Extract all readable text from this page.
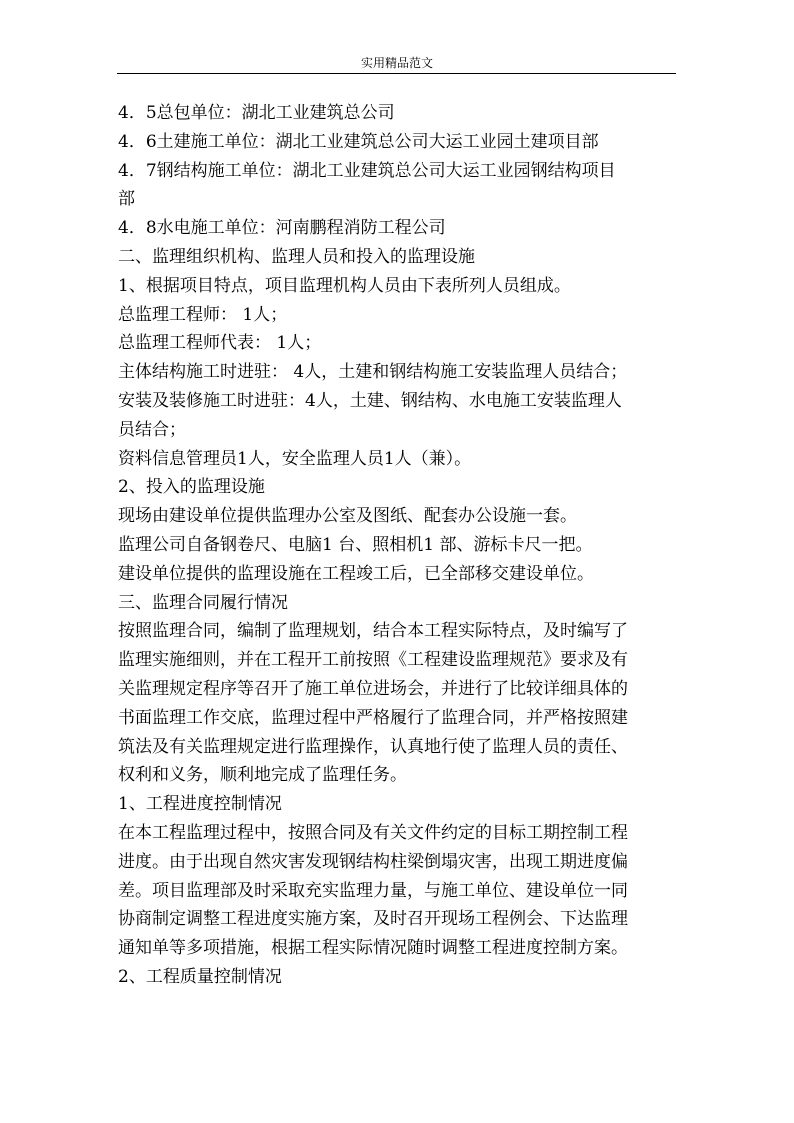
实用精品范文
4．5总包单位：湖北工业建筑总公司
4．6土建施工单位：湖北工业建筑总公司大运工业园土建项目部
4．7钢结构施工单位：湖北工业建筑总公司大运工业园钢结构项目
部
4．8水电施工单位：河南鹏程消防工程公司
二、监理组织机构、监理人员和投入的监理设施
1、根据项目特点，项目监理机构人员由下表所列人员组成。
总监理工程师： 1人；
总监理工程师代表： 1人；
主体结构施工时进驻： 4人，土建和钢结构施工安装监理人员结合；
安装及装修施工时进驻：4人，土建、钢结构、水电施工安装监理人
员结合；
资料信息管理员1人，安全监理人员1人（兼）。
2、投入的监理设施
现场由建设单位提供监理办公室及图纸、配套办公设施一套。
监理公司自备钢卷尺、电脑1 台、照相机1 部、游标卡尺一把。
建设单位提供的监理设施在工程竣工后，已全部移交建设单位。
三、监理合同履行情况
按照监理合同，编制了监理规划，结合本工程实际特点，及时编写了
监理实施细则，并在工程开工前按照《工程建设监理规范》要求及有
关监理规定程序等召开了施工单位进场会，并进行了比较详细具体的
书面监理工作交底，监理过程中严格履行了监理合同，并严格按照建
筑法及有关监理规定进行监理操作，认真地行使了监理人员的责任、
权利和义务，顺利地完成了监理任务。
1、工程进度控制情况
在本工程监理过程中，按照合同及有关文件约定的目标工期控制工程
进度。由于出现自然灾害发现钢结构柱梁倒塌灾害，出现工期进度偏
差。项目监理部及时采取充实监理力量，与施工单位、建设单位一同
协商制定调整工程进度实施方案，及时召开现场工程例会、下达监理
通知单等多项措施，根据工程实际情况随时调整工程进度控制方案。
2、工程质量控制情况
